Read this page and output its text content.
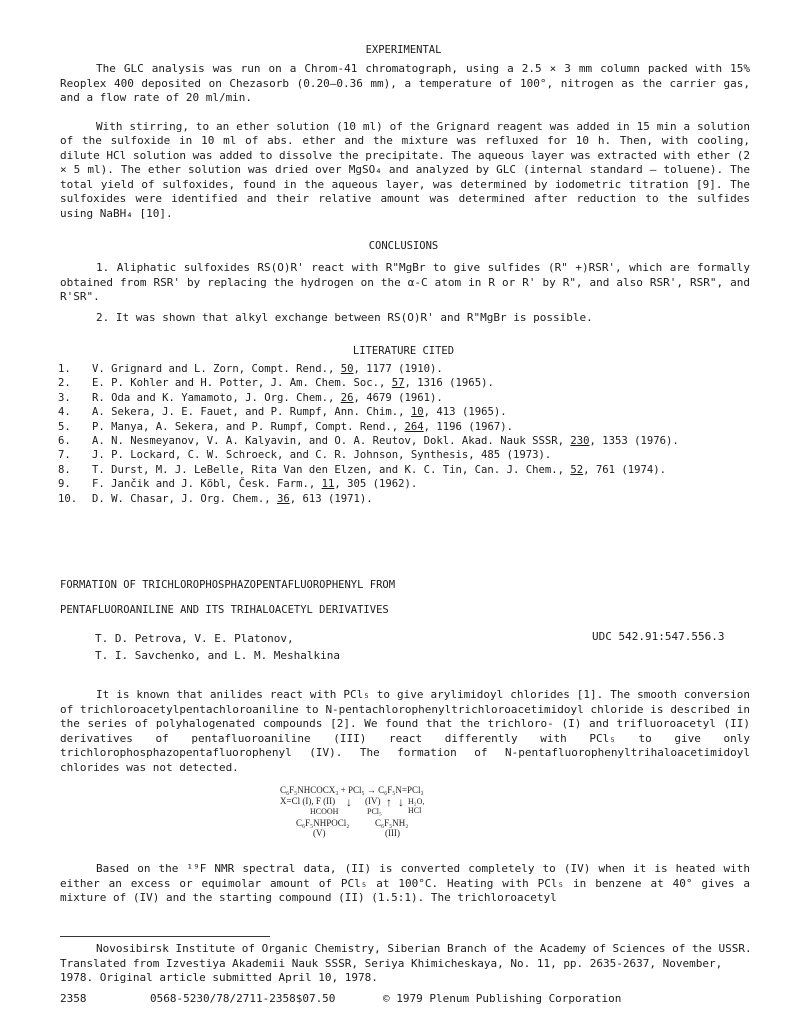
EXPERIMENTAL

The GLC analysis was run on a Chrom-41 chromatograph, using a 2.5 × 3 mm column packed with 15% Reoplex 400 deposited on Chezasorb (0.20–0.36 mm), a temperature of 100°, nitrogen as the carrier gas, and a flow rate of 20 ml/min.

With stirring, to an ether solution (10 ml) of the Grignard reagent was added in 15 min a solution of the sulfoxide in 10 ml of abs. ether and the mixture was refluxed for 10 h. Then, with cooling, dilute HCl solution was added to dissolve the precipitate. The aqueous layer was extracted with ether (2 × 5 ml). The ether solution was dried over MgSO₄ and analyzed by GLC (internal standard – toluene). The total yield of sulfoxides, found in the aqueous layer, was determined by iodometric titration [9]. The sulfoxides were identified and their relative amount was determined after reduction to the sulfides using NaBH₄ [10].

CONCLUSIONS

1. Aliphatic sulfoxides RS(O)R' react with R"MgBr to give sulfides (R" +)RSR', which are formally obtained from RSR' by replacing the hydrogen on the α-C atom in R or R' by R", and also RSR', RSR", and R'SR".

2. It was shown that alkyl exchange between RS(O)R' and R"MgBr is possible.

LITERATURE CITED
1.	V. Grignard and L. Zorn, Compt. Rend., 50, 1177 (1910).
2.	E. P. Kohler and H. Potter, J. Am. Chem. Soc., 57, 1316 (1965).
3.	R. Oda and K. Yamamoto, J. Org. Chem., 26, 4679 (1961).
4.	A. Sekera, J. E. Fauet, and P. Rumpf, Ann. Chim., 10, 413 (1965).
5.	P. Manya, A. Sekera, and P. Rumpf, Compt. Rend., 264, 1196 (1967).
6.	A. N. Nesmeyanov, V. A. Kalyavin, and O. A. Reutov, Dokl. Akad. Nauk SSSR, 230, 1353 (1976).
7.	J. P. Lockard, C. W. Schroeck, and C. R. Johnson, Synthesis, 485 (1973).
8.	T. Durst, M. J. LeBelle, Rita Van den Elzen, and K. C. Tin, Can. J. Chem., 52, 761 (1974).
9.	F. Jančik and J. Köbl, Česk. Farm., 11, 305 (1962).
10.	D. W. Chasar, J. Org. Chem., 36, 613 (1971).
FORMATION OF TRICHLOROPHOSPHAZOPENTAFLUOROPHENYL FROM
PENTAFLUOROANILINE AND ITS TRIHALOACETYL DERIVATIVES
T. D. Petrova, V. E. Platonov,
T. I. Savchenko, and L. M. Meshalkina
UDC 542.91:547.556.3

It is known that anilides react with PCl₅ to give arylimidoyl chlorides [1]. The smooth conversion of trichloroacetylpentachloroaniline to N-pentachlorophenyltrichloroacetimidoyl chloride is described in the series of polyhalogenated compounds [2]. We found that the trichloro- (I) and trifluoroacetyl (II) derivatives of pentafluoroaniline (III) react differently with PCl₅ to give only trichlorophosphazopentafluorophenyl (IV). The formation of N-pentafluorophenyltrihaloacetimidoyl chlorides was not detected.

C₆F₅NHCOCX₃ + PCl₅ → C₆F₅N=PCl₃
X=Cl (I), F (II)
HCOOH
↓ (IV)
PCl₅
↑ ↓ H₂O,
HCl
C₆F₅NHPOCl₂
(V)
C₆F₅NH₂
(III)

Based on the ¹⁹F NMR spectral data, (II) is converted completely to (IV) when it is heated with either an excess or equimolar amount of PCl₅ at 100°C. Heating with PCl₅ in benzene at 40° gives a mixture of (IV) and the starting compound (II) (1.5:1). The trichloroacetyl

Novosibirsk Institute of Organic Chemistry, Siberian Branch of the Academy of Sciences of the USSR. Translated from Izvestiya Akademii Nauk SSSR, Seriya Khimicheskaya, No. 11, pp. 2635-2637, November, 1978. Original article submitted April 10, 1978.

2358	0568-5230/78/2711-2358$07.50	© 1979 Plenum Publishing Corporation
